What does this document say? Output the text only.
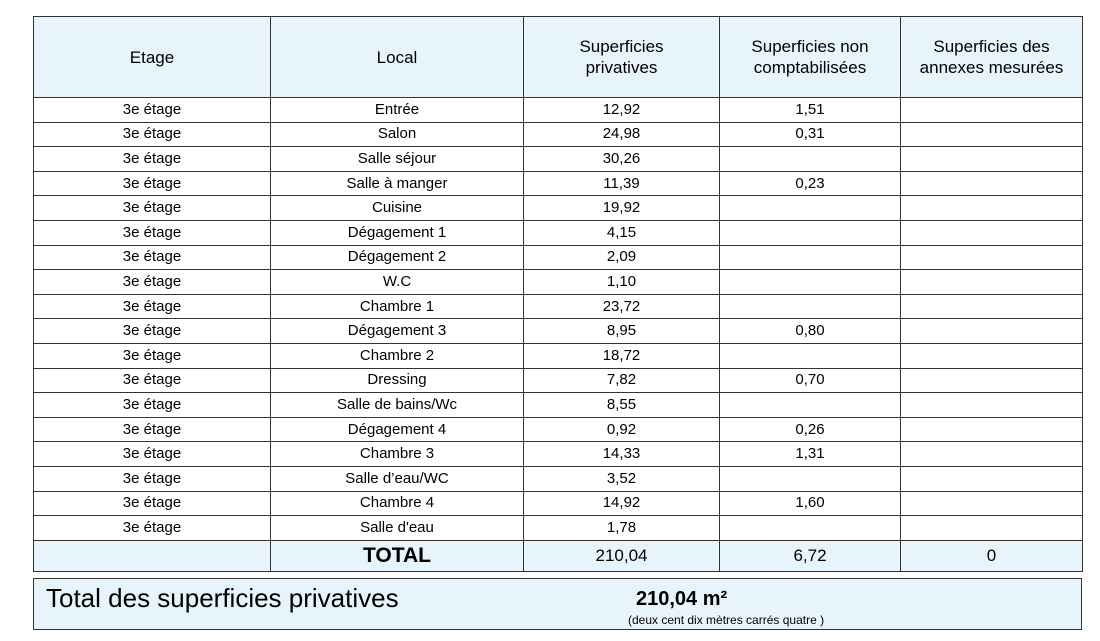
Etage	Local	Superficies privatives	Superficies non comptabilisées	Superficies des annexes mesurées
3e étage	Entrée	12,92	1,51	
3e étage	Salon	24,98	0,31	
3e étage	Salle séjour	30,26		
3e étage	Salle à manger	11,39	0,23	
3e étage	Cuisine	19,92		
3e étage	Dégagement 1	4,15		
3e étage	Dégagement 2	2,09		
3e étage	W.C	1,10		
3e étage	Chambre 1	23,72		
3e étage	Dégagement 3	8,95	0,80	
3e étage	Chambre 2	18,72		
3e étage	Dressing	7,82	0,70	
3e étage	Salle de bains/Wc	8,55		
3e étage	Dégagement 4	0,92	0,26	
3e étage	Chambre 3	14,33	1,31	
3e étage	Salle d’eau/WC	3,52		
3e étage	Chambre 4	14,92	1,60	
3e étage	Salle d'eau	1,78		
	TOTAL	210,04	6,72	0
Total des superficies privatives	210,04 m²
(deux cent dix mètres carrés quatre )
